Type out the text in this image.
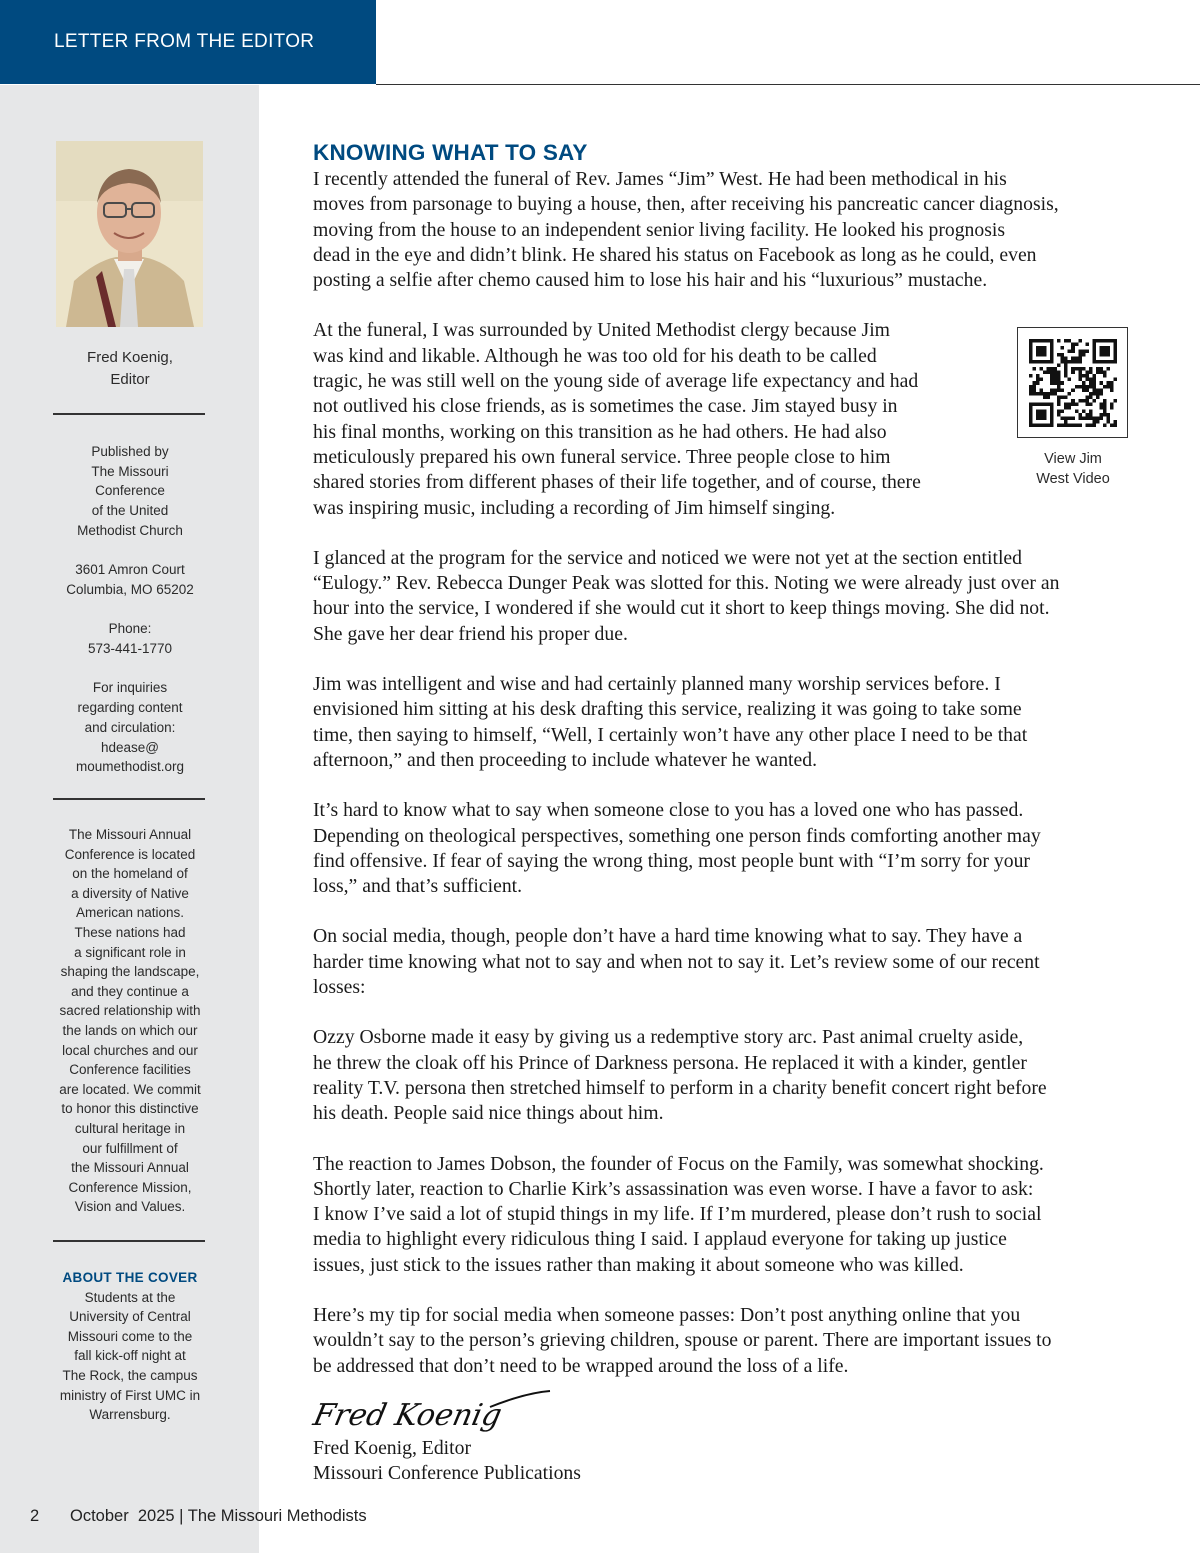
LETTER FROM THE EDITOR
Fred Koenig,
Editor

Published by
The Missouri
Conference
of the United
Methodist Church

3601 Amron Court
Columbia, MO 65202

Phone:
573-441-1770

For inquiries
regarding content
and circulation:
hdease@
moumethodist.org

The Missouri Annual
Conference is located
on the homeland of
a diversity of Native
American nations.
These nations had
a significant role in
shaping the landscape,
and they continue a
sacred relationship with
the lands on which our
local churches and our
Conference facilities
are located. We commit
to honor this distinctive
cultural heritage in
our fulfillment of
the Missouri Annual
Conference Mission,
Vision and Values.
ABOUT THE COVER
Students at the
University of Central
Missouri come to the
fall kick-off night at
The Rock, the campus
ministry of First UMC in
Warrensburg.
KNOWING WHAT TO SAY

I recently attended the funeral of Rev. James “Jim” West. He had been methodical in his
moves from parsonage to buying a house, then, after receiving his pancreatic cancer diagnosis,
moving from the house to an independent senior living facility. He looked his prognosis
dead in the eye and didn’t blink. He shared his status on Facebook as long as he could, even
posting a selfie after chemo caused him to lose his hair and his “luxurious” mustache.

At the funeral, I was surrounded by United Methodist clergy because Jim
was kind and likable. Although he was too old for his death to be called
tragic, he was still well on the young side of average life expectancy and had
not outlived his close friends, as is sometimes the case. Jim stayed busy in
his final months, working on this transition as he had others. He had also
meticulously prepared his own funeral service. Three people close to him
shared stories from different phases of their life together, and of course, there
was inspiring music, including a recording of Jim himself singing.

I glanced at the program for the service and noticed we were not yet at the section entitled
“Eulogy.” Rev. Rebecca Dunger Peak was slotted for this. Noting we were already just over an
hour into the service, I wondered if she would cut it short to keep things moving. She did not.
She gave her dear friend his proper due.

Jim was intelligent and wise and had certainly planned many worship services before. I
envisioned him sitting at his desk drafting this service, realizing it was going to take some
time, then saying to himself, “Well, I certainly won’t have any other place I need to be that
afternoon,” and then proceeding to include whatever he wanted.

It’s hard to know what to say when someone close to you has a loved one who has passed.
Depending on theological perspectives, something one person finds comforting another may
find offensive. If fear of saying the wrong thing, most people bunt with “I’m sorry for your
loss,” and that’s sufficient.

On social media, though, people don’t have a hard time knowing what to say. They have a
harder time knowing what not to say and when not to say it. Let’s review some of our recent
losses:

Ozzy Osborne made it easy by giving us a redemptive story arc. Past animal cruelty aside,
he threw the cloak off his Prince of Darkness persona. He replaced it with a kinder, gentler
reality T.V. persona then stretched himself to perform in a charity benefit concert right before
his death. People said nice things about him.

The reaction to James Dobson, the founder of Focus on the Family, was somewhat shocking.
Shortly later, reaction to Charlie Kirk’s assassination was even worse. I have a favor to ask:
I know I’ve said a lot of stupid things in my life. If I’m murdered, please don’t rush to social
media to highlight every ridiculous thing I said. I applaud everyone for taking up justice
issues, just stick to the issues rather than making it about someone who was killed.

Here’s my tip for social media when someone passes: Don’t post anything online that you
wouldn’t say to the person’s grieving children, spouse or parent. There are important issues to
be addressed that don’t need to be wrapped around the loss of a life.

View Jim
West Video
Fred Koenig
Fred Koenig, Editor
Missouri Conference Publications
2 October  2025 | The Missouri Methodists
